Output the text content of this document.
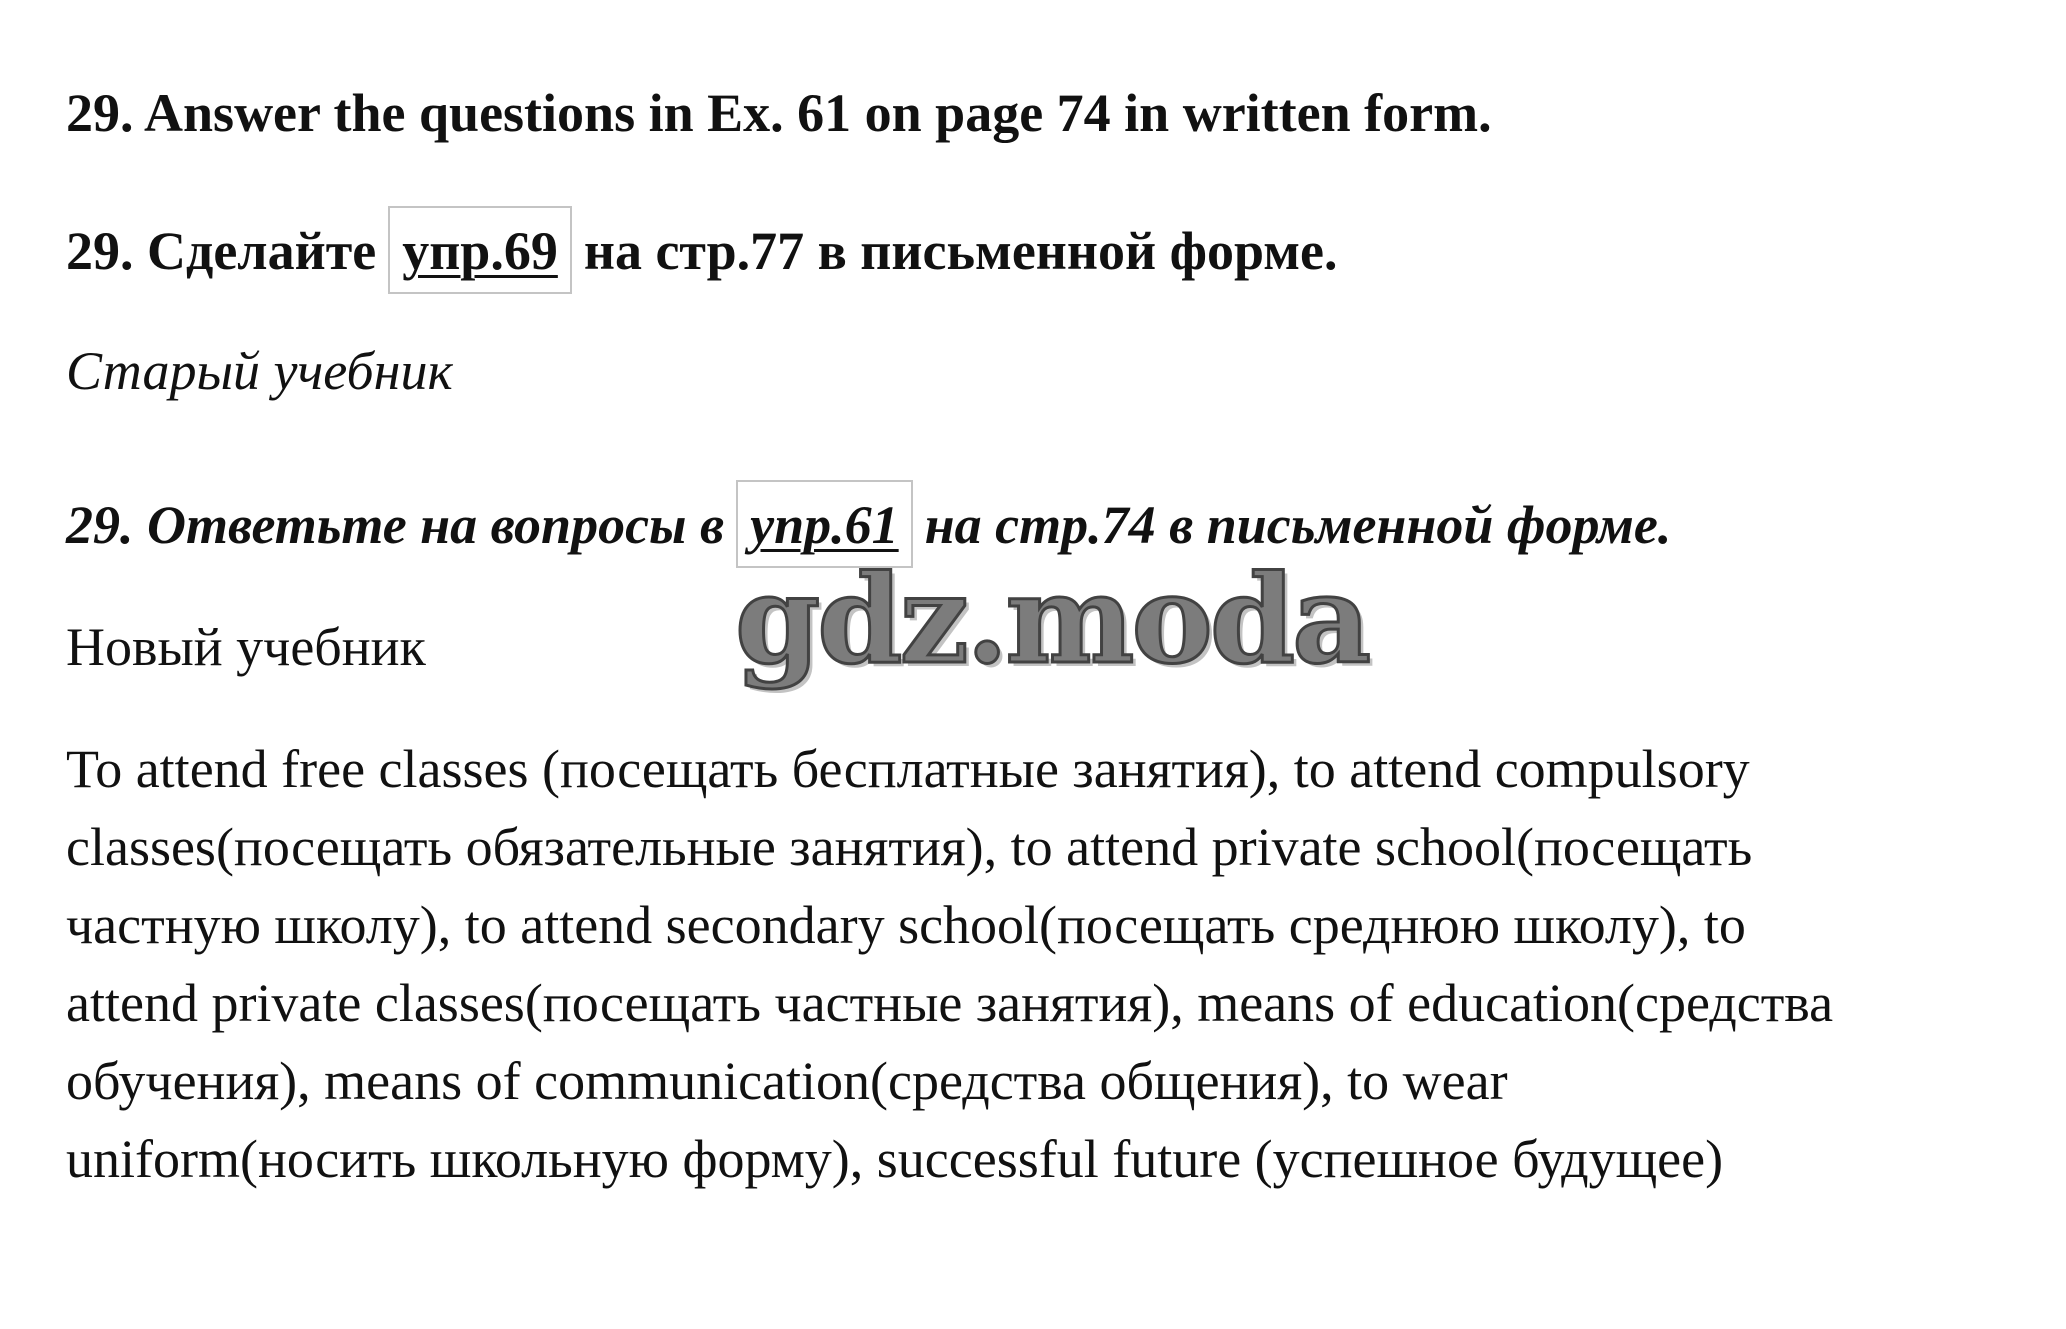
29. Answer the questions in Ex. 61 on page 74 in written form.
29. Сделайте упр.69 на стр.77 в письменной форме.
Старый учебник
29. Ответьте на вопросы в упр.61 на стр.74 в письменной форме.
Новый учебник	gdz.moda

To attend free classes (посещать бесплатные занятия), to attend compulsory

classes(посещать обязательные занятия), to attend private school(посещать

частную школу), to attend secondary school(посещать среднюю школу), to

attend private classes(посещать частные занятия), means of education(средства

обучения), means of communication(средства общения), to wear

uniform(носить школьную форму), successful future (успешное будущее)
